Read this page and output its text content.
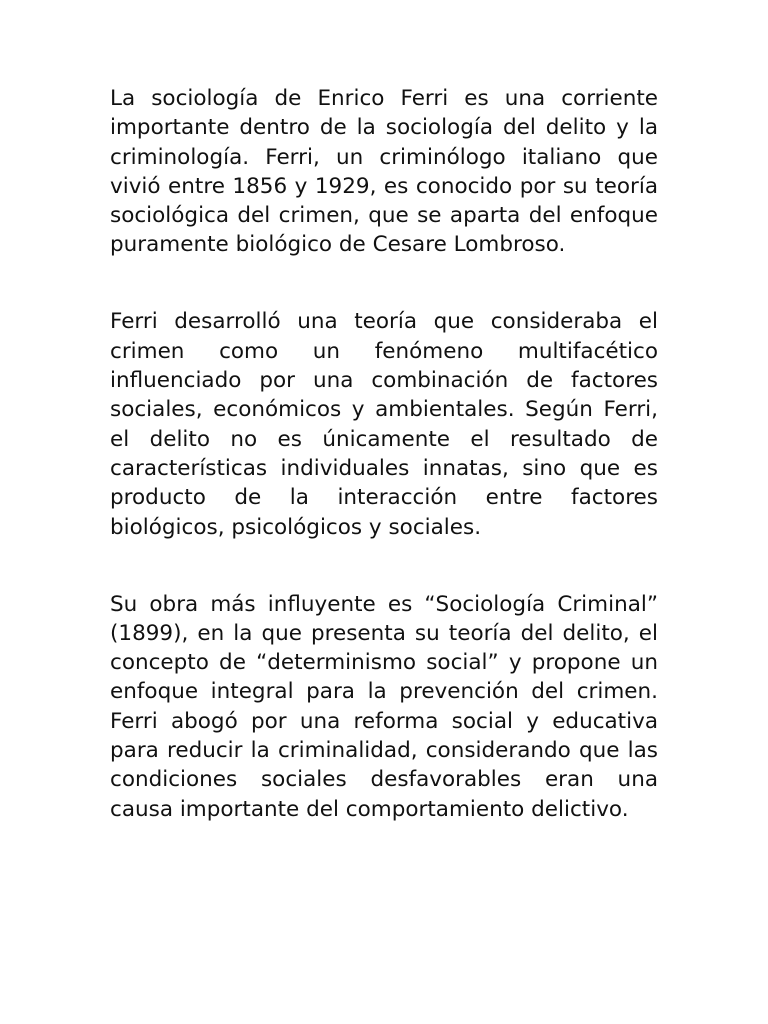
La sociología de Enrico Ferri es una corriente importante dentro de la sociología del delito y la criminología. Ferri, un criminólogo italiano que vivió entre 1856 y 1929, es conocido por su teoría sociológica del crimen, que se aparta del enfoque puramente biológico de Cesare Lombroso.

Ferri desarrolló una teoría que consideraba el crimen como un fenómeno multifacético influenciado por una combinación de factores sociales, económicos y ambientales. Según Ferri, el delito no es únicamente el resultado de características individuales innatas, sino que es producto de la interacción entre factores biológicos, psicológicos y sociales.

Su obra más influyente es “Sociología Criminal” (1899), en la que presenta su teoría del delito, el concepto de “determinismo social” y propone un enfoque integral para la prevención del crimen. Ferri abogó por una reforma social y educativa para reducir la criminalidad, considerando que las condiciones sociales desfavorables eran una causa importante del comportamiento delictivo.
